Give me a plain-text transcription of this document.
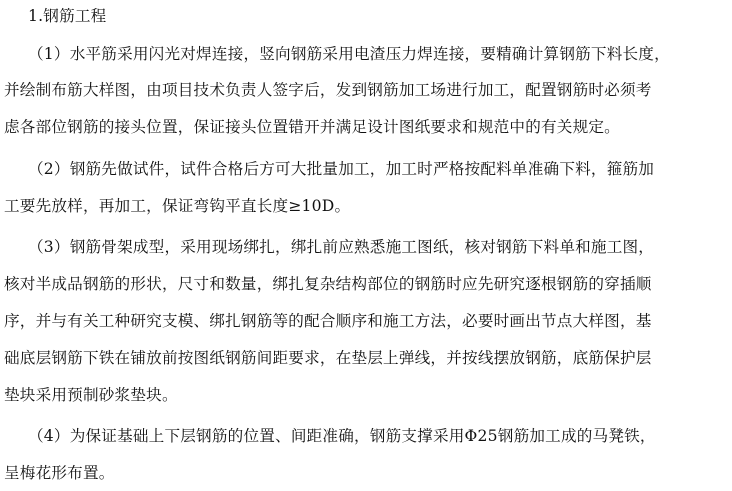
1.钢筋工程
（1）水平筋采用闪光对焊连接，竖向钢筋采用电渣压力焊连接，要精确计算钢筋下料长度，
并绘制布筋大样图，由项目技术负责人签字后，发到钢筋加工场进行加工，配置钢筋时必须考
虑各部位钢筋的接头位置，保证接头位置错开并满足设计图纸要求和规范中的有关规定。
（2）钢筋先做试件，试件合格后方可大批量加工，加工时严格按配料单准确下料，箍筋加
工要先放样，再加工，保证弯钩平直长度≥10D。
（3）钢筋骨架成型，采用现场绑扎，绑扎前应熟悉施工图纸，核对钢筋下料单和施工图，
核对半成品钢筋的形状，尺寸和数量，绑扎复杂结构部位的钢筋时应先研究逐根钢筋的穿插顺
序，并与有关工种研究支模、绑扎钢筋等的配合顺序和施工方法，必要时画出节点大样图，基
础底层钢筋下铁在铺放前按图纸钢筋间距要求，在垫层上弹线，并按线摆放钢筋，底筋保护层
垫块采用预制砂浆垫块。
（4）为保证基础上下层钢筋的位置、间距准确，钢筋支撑采用Φ25钢筋加工成的马凳铁，
呈梅花形布置。
